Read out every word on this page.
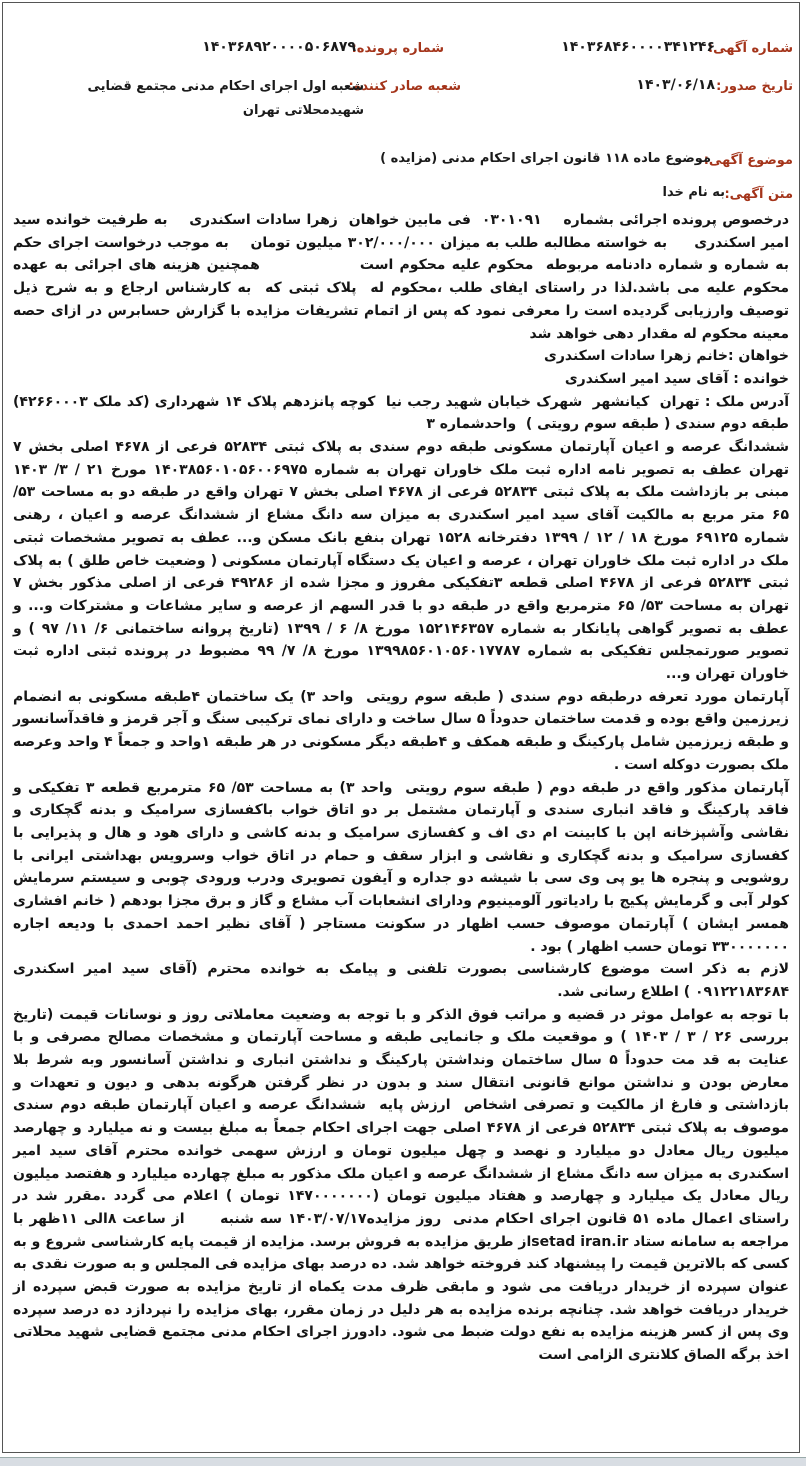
شماره آگهی:
۱۴۰۳۶۸۴۶۰۰۰۰۳۴۱۲۴۶
شماره پرونده:
۱۴۰۳۶۸۹۲۰۰۰۰۵۰۶۸۷۹
تاریخ صدور:
۱۴۰۳/۰۶/۱۸
شعبه صادر کننده:
شعبه اول اجرای احکام مدنی مجتمع قضایی شهیدمحلاتی تهران
موضوع آگهی:
موضوع ماده ۱۱۸ قانون اجرای احکام مدنی (مزایده )
متن آگهی:
به نام خدا

درخصوص پرونده اجرائی بشماره    ۰۳۰۱۰۹۱  فی مابین خواهان  زهرا سادات اسکندری    به طرفیت خوانده سید امیر اسکندری     به خواسته مطالبه طلب به میزان ۳۰۲/۰۰۰/۰۰۰ میلیون تومان    به موجب درخواست اجرای حکم به شماره و شماره دادنامه مربوطه  محکوم علیه محکوم است                همچنین هزینه های اجرائی به عهده محکوم علیه می باشد.لذا در راستای ایفای طلب ،محکوم له  پلاک ثبتی که  به کارشناس ارجاع و به شرح ذیل توصیف وارزیابی گردیده است را معرفی نمود که پس از اتمام تشریفات مزایده با گزارش حسابرس در ازای حصه معینه محکوم له مقدار دهی خواهد شد

خواهان :خانم زهرا سادات اسکندری

خوانده : آقای سید امیر اسکندری

آدرس ملک : تهران  کیانشهر  شهرک خیابان شهید رجب نیا  کوچه پانزدهم پلاک ۱۴ شهرداری (کد ملک ۴۲۶۶۰۰۰۳) طبقه دوم سندی ( طبقه سوم رویتی )  واحدشماره ۳

ششدانگ عرصه و اعیان آپارتمان مسکونی طبقه دوم سندی به پلاک ثبتی ۵۲۸۳۴ فرعی از ۴۶۷۸ اصلی بخش ۷ تهران عطف به تصویر نامه اداره ثبت ملک خاوران تهران به شماره ۱۴۰۳۸۵۶۰۱۰۵۶۰۰۶۹۷۵ مورخ ۲۱ / ۳/ ۱۴۰۳ مبنی بر بازداشت ملک به پلاک ثبتی ۵۲۸۳۴ فرعی از ۴۶۷۸ اصلی بخش ۷ تهران واقع در طبقه دو به مساحت ۵۳/ ۶۵ متر مربع به مالکیت آقای سید امیر اسکندری به میزان سه دانگ مشاع از ششدانگ عرصه و اعیان ، رهنی شماره ۶۹۱۲۵ مورخ ۱۸ / ۱۲ / ۱۳۹۹ دفترخانه ۱۵۲۸ تهران بنفع بانک مسکن و... عطف به تصویر مشخصات ثبتی ملک در اداره ثبت ملک خاوران تهران ، عرصه و اعیان یک دستگاه آپارتمان مسکونی ( وضعیت خاص طلق ) به پلاک ثبتی ۵۲۸۳۴ فرعی از ۴۶۷۸ اصلی قطعه ۳تفکیکی مفروز و مجزا شده از ۴۹۲۸۶ فرعی از اصلی مذکور بخش ۷ تهران به مساحت ۵۳/ ۶۵ مترمربع واقع در طبقه دو با قدر السهم از عرصه و سایر مشاعات و مشترکات و... و عطف به تصویر گواهی پایانکار به شماره ۱۵۲۱۴۶۳۵۷ مورخ ۸/ ۶ / ۱۳۹۹ (تاریخ پروانه ساختمانی ۶/ ۱۱/ ۹۷ ) و تصویر صورتمجلس تفکیکی به شماره ۱۳۹۹۸۵۶۰۱۰۵۶۰۱۷۷۸۷ مورخ ۸/ ۷/ ۹۹ مضبوط در پرونده ثبتی اداره ثبت خاوران تهران و...

آپارتمان مورد تعرفه درطبقه دوم سندی ( طبقه سوم رویتی  واحد ۳) یک ساختمان ۴طبقه مسکونی به انضمام زیرزمین واقع بوده و قدمت ساختمان حدوداً ۵ سال ساخت و دارای نمای ترکیبی سنگ و آجر قرمز و فاقدآسانسور و طبقه زیرزمین شامل پارکینگ و طبقه همکف و ۴طبقه دیگر مسکونی در هر طبقه ۱واحد و جمعاً ۴ واحد وعرصه ملک بصورت دوکله است .

آپارتمان مذکور واقع در طبقه دوم ( طبقه سوم رویتی  واحد ۳) به مساحت ۵۳/ ۶۵ مترمربع قطعه ۳ تفکیکی و فاقد پارکینگ و فاقد انباری سندی و آپارتمان مشتمل بر دو اتاق خواب باکفسازی سرامیک و بدنه گچکاری و نقاشی وآشپزخانه اپن با کابینت ام دی اف و کفسازی سرامیک و بدنه کاشی و دارای هود و هال و پذیرایی با کفسازی سرامیک و بدنه گچکاری و نقاشی و ابزار سقف و حمام در اتاق خواب وسرویس بهداشتی ایرانی با روشویی و پنجره ها یو پی وی سی با شیشه دو جداره و آیفون تصویری ودرب ورودی چوبی و سیستم سرمایش کولر آبی و گرمایش پکیج با رادیاتور آلومینیوم ودارای انشعابات آب مشاع و گاز و برق مجزا بودهم ( خانم افشاری همسر ایشان ) آپارتمان موصوف حسب اظهار در سکونت مستاجر ( آقای نظیر احمد احمدی با ودیعه اجاره ۳۳۰۰۰۰۰۰۰ تومان حسب اظهار ) بود .

لازم به ذکر است موضوع کارشناسی بصورت تلفنی و پیامک به خوانده محترم (آقای سید امیر اسکندری ۰۹۱۲۲۱۸۳۶۸۴ ) اطلاع رسانی شد.

با توجه به عوامل موثر در قضیه و مراتب فوق الذکر و با توجه به وضعیت معاملاتی روز و نوسانات قیمت (تاریخ بررسی ۲۶ / ۳ / ۱۴۰۳ ) و موقعیت ملک و جانمایی طبقه و مساحت آپارتمان و مشخصات مصالح مصرفی و با عنایت به قد مت حدوداً ۵ سال ساختمان ونداشتن پارکینگ و نداشتن انباری و نداشتن آسانسور وبه شرط بلا معارض بودن و نداشتن موانع قانونی انتقال سند و بدون در نظر گرفتن هرگونه بدهی و دیون و تعهدات و بازداشتی و فارغ از مالکیت و تصرفی اشخاص  ارزش پایه  ششدانگ عرصه و اعیان آپارتمان طبقه دوم سندی موصوف به پلاک ثبتی ۵۲۸۳۴ فرعی از ۴۶۷۸ اصلی جهت اجرای احکام جمعاً به مبلغ بیست و نه میلیارد و چهارصد میلیون ریال معادل دو میلیارد و نهصد و چهل میلیون تومان و ارزش سهمی خوانده محترم آقای سید امیر اسکندری به میزان سه دانگ مشاع از ششدانگ عرصه و اعیان ملک مذکور به مبلغ چهارده میلیارد و هفتصد میلیون ریال معادل یک میلیارد و چهارصد و هفتاد میلیون تومان (۱۴۷۰۰۰۰۰۰۰ تومان ) اعلام می گردد .مقرر شد در راستای اعمال ماده ۵۱ قانون اجرای احکام مدنی  روز مزایده۱۴۰۳/۰۷/۱۷ سه شنبه      از ساعت ۸الی ۱۱ظهر با مراجعه به سامانه ستاد setad iran.irاز طریق مزایده به فروش برسد. مزایده از قیمت پایه کارشناسی شروع و به کسی که بالاترین قیمت را پیشنهاد کند فروخته خواهد شد. ده درصد بهای مزایده فی المجلس و به صورت نقدی به عنوان سپرده از خریدار دریافت می شود و مابقی ظرف مدت یکماه از تاریخ مزایده به صورت قبض سپرده از خریدار دریافت خواهد شد. چنانچه برنده مزایده به هر دلیل در زمان مقرر، بهای مزایده را نپردازد ده درصد سپرده وی پس از کسر هزینه مزایده به نفع دولت ضبط می شود. دادورز اجرای احکام مدنی مجتمع قضایی شهید محلاتی اخذ برگه الصاق کلانتری الزامی است
